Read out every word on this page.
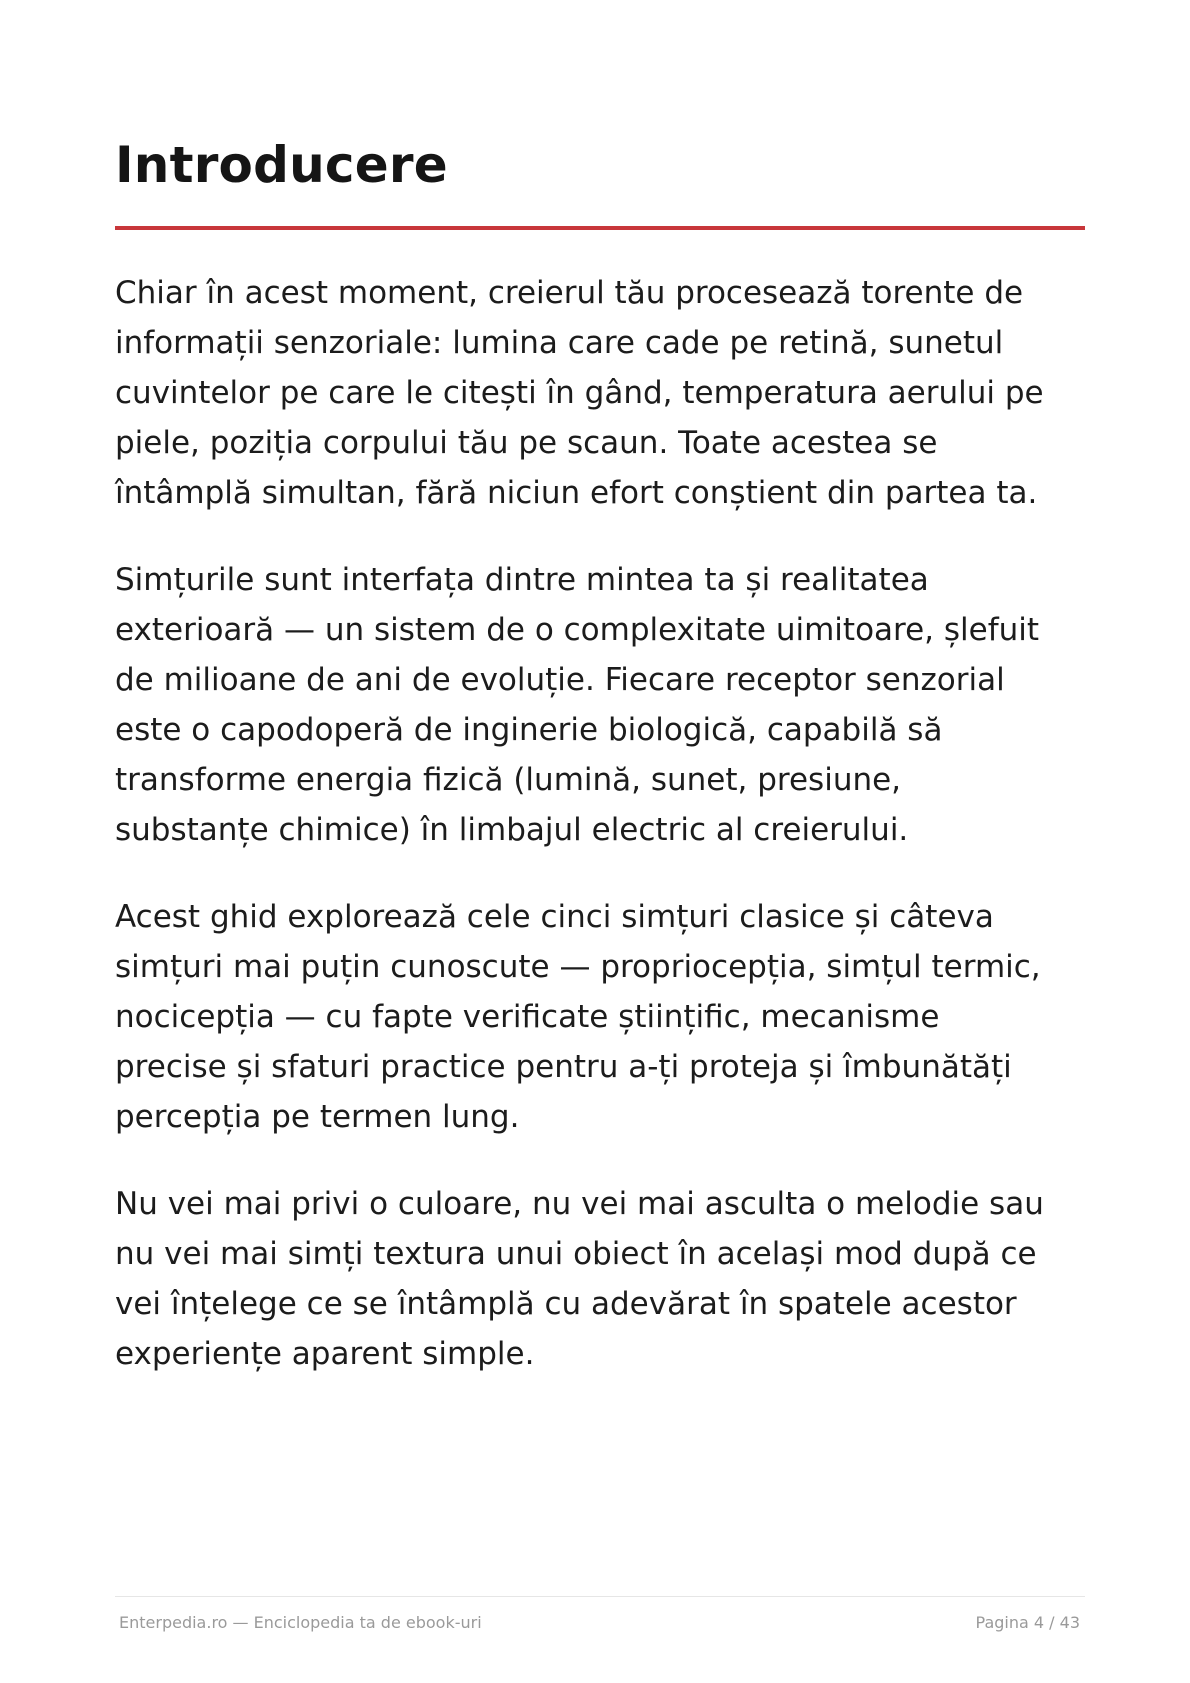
Introducere

Chiar în acest moment, creierul tău procesează torente de
informații senzoriale: lumina care cade pe retină, sunetul
cuvintelor pe care le citești în gând, temperatura aerului pe
piele, poziția corpului tău pe scaun. Toate acestea se
întâmplă simultan, fără niciun efort conștient din partea ta.

Simțurile sunt interfața dintre mintea ta și realitatea
exterioară — un sistem de o complexitate uimitoare, șlefuit
de milioane de ani de evoluție. Fiecare receptor senzorial
este o capodoperă de inginerie biologică, capabilă să
transforme energia fizică (lumină, sunet, presiune,
substanțe chimice) în limbajul electric al creierului.

Acest ghid explorează cele cinci simțuri clasice și câteva
simțuri mai puțin cunoscute — propriocepția, simțul termic,
nocicepția — cu fapte verificate științific, mecanisme
precise și sfaturi practice pentru a-ți proteja și îmbunătăți
percepția pe termen lung.

Nu vei mai privi o culoare, nu vei mai asculta o melodie sau
nu vei mai simți textura unui obiect în același mod după ce
vei înțelege ce se întâmplă cu adevărat în spatele acestor
experiențe aparent simple.

Enterpedia.ro — Enciclopedia ta de ebook-uri	Pagina 4 / 43
